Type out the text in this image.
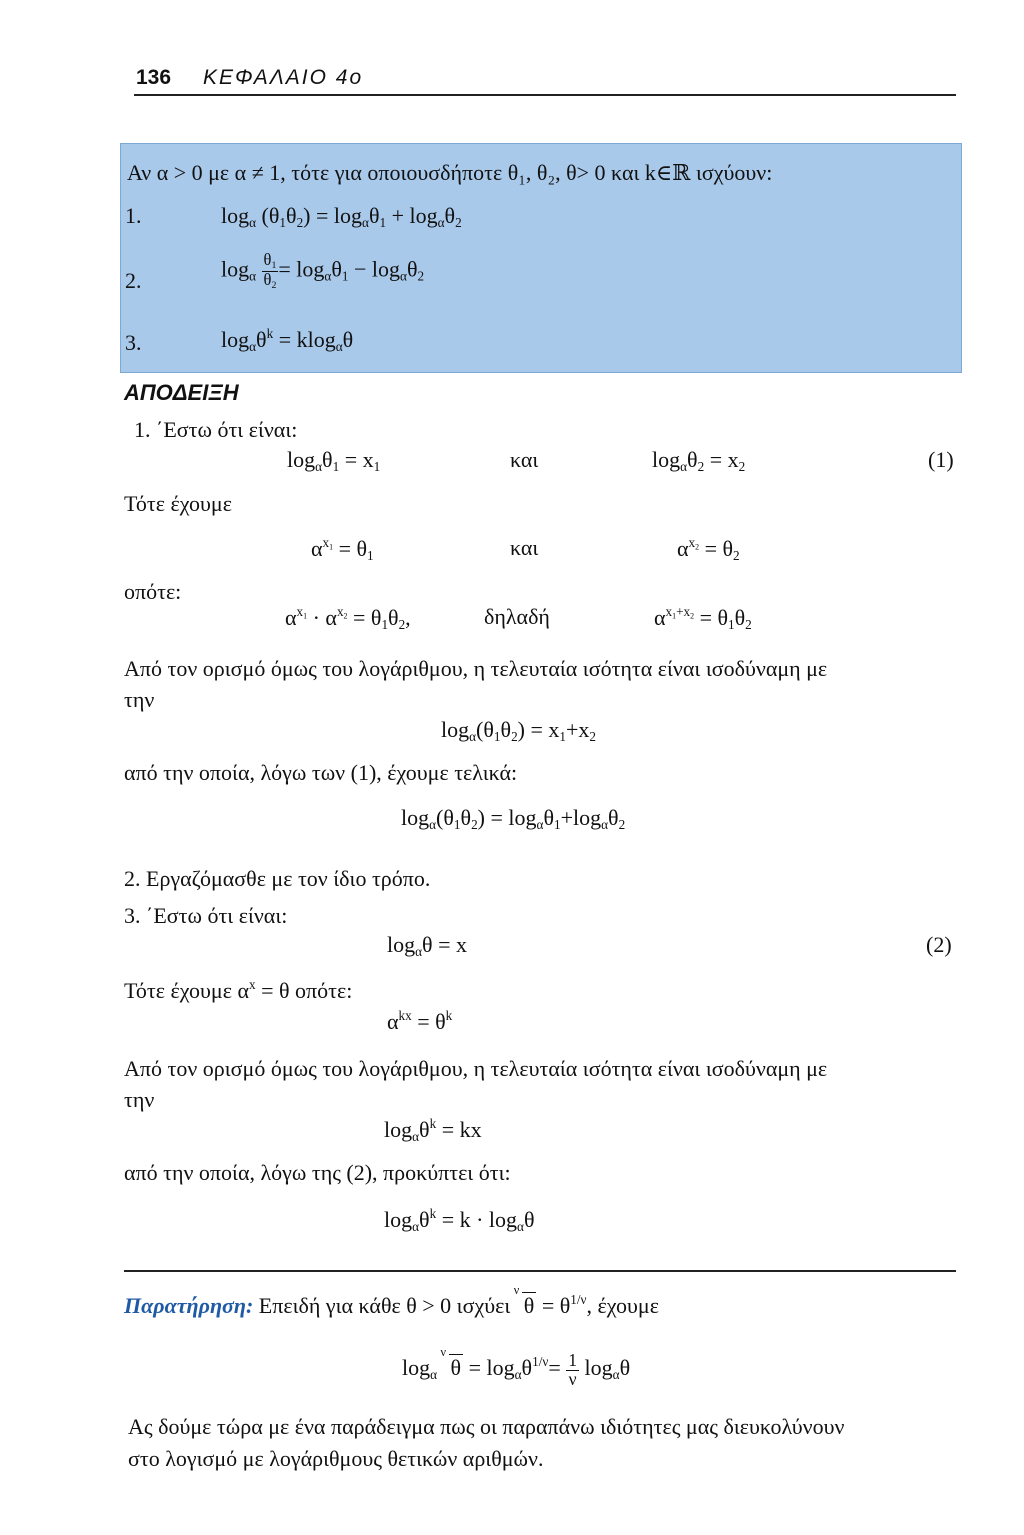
136 ΚΕΦΑΛΑΙΟ 4ο
Αν α > 0 με α ≠ 1, τότε για οποιουσδήποτε θ₁, θ₂, θ> 0 και k∈ℝ ισχύουν:
1.	$\log_\alpha (\theta_1\theta_2) = \log_\alpha\theta_1 + \log_\alpha\theta_2$
2.	$\log_\alpha \frac{\theta_1}{\theta_2} = \log_\alpha\theta_1 - \log_\alpha\theta_2$
3.	$\log_\alpha\theta^k = klog_\alpha\theta$
ΑΠΟΔΕΙΞΗ
1. ΄Εστω ότι είναι:
$\log_\alpha\theta_1 = x_1$	και	$\log_\alpha\theta_2 = x_2$	(1)
Τότε έχουμε
$\alpha^{x_1} = \theta_1$	και	$\alpha^{x_2} = \theta_2$
οπότε:
$\alpha^{x_1} \cdot \alpha^{x_2} = \theta_1\theta_2$,	δηλαδή	$\alpha^{x_1+x_2} = \theta_1\theta_2$
Από τον ορισμό όμως του λογάριθμου, η τελευταία ισότητα είναι ισοδύναμη με
την
$\log_\alpha(\theta_1\theta_2) = x_1+x_2$
από την οποία, λόγω των (1), έχουμε τελικά:
$\log_\alpha(\theta_1\theta_2) = \log_\alpha\theta_1+\log_\alpha\theta_2$
2. Εργαζόμασθε με τον ίδιο τρόπο.
3. ΄Εστω ότι είναι:
$\log_\alpha\theta = x$	(2)
Τότε έχουμε $\alpha^x = \theta$ οπότε:
$\alpha^{kx} = \theta^k$
Από τον ορισμό όμως του λογάριθμου, η τελευταία ισότητα είναι ισοδύναμη με
την
$\log_\alpha\theta^k$ = kx
από την οποία, λόγω της (2), προκύπτει ότι:
$\log_\alpha\theta^k = k \cdot \log_\alpha\theta$
Παρατήρηση: Επειδή για κάθε θ > 0 ισχύει
ν
$\theta = \theta^{1/\nu}$, έχουμε
$\log_\alpha$
ν
$\theta = \log_\alpha\theta^{1/\nu}= \frac{1}{\nu} \log_\alpha\theta$
Ας δούμε τώρα με ένα παράδειγμα πως οι παραπάνω ιδιότητες μας διευκολύνουν
στο λογισμό με λογάριθμους θετικών αριθμών.
